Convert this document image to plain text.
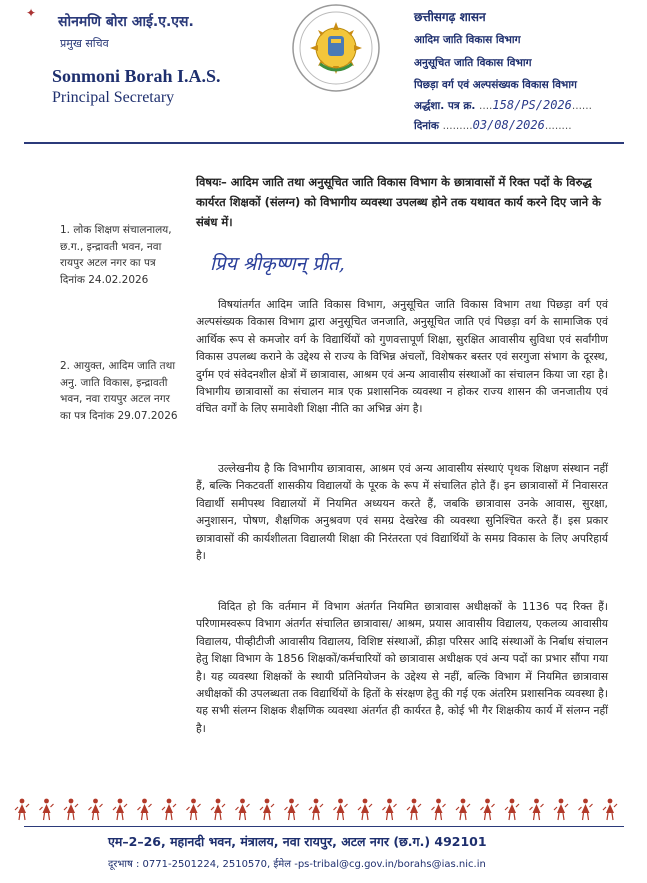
✦
सोनमणि बोरा आई.ए.एस.
प्रमुख सचिव
Sonmoni Borah I.A.S.
Principal Secretary
छत्तीसगढ़ शासन
आदिम जाति विकास विभाग
अनुसूचित जाति विकास विभाग
पिछड़ा वर्ग एवं अल्पसंख्यक विकास विभाग
अर्द्धशा. पत्र क्र. ....158/PS/2026......
दिनांक .........03/08/2026........
विषयः– आदिम जाति तथा अनुसूचित जाति विकास विभाग के छात्रावासों में रिक्त पदों के विरुद्ध कार्यरत शिक्षकों (संलग्न) को विभागीय व्यवस्था उपलब्ध होने तक यथावत कार्य करने दिए जाने के संबंध में।
1. लोक शिक्षण संचालनालय, छ.ग., इन्द्रावती भवन, नवा रायपुर अटल नगर का पत्र दिनांक 24.02.2026
2. आयुक्त, आदिम जाति तथा अनु. जाति विकास, इन्द्रावती भवन, नवा रायपुर अटल नगर का पत्र दिनांक 29.07.2026
प्रिय श्रीकृष्णन् प्रीत,
विषयांतर्गत आदिम जाति विकास विभाग, अनुसूचित जाति विकास विभाग तथा पिछड़ा वर्ग एवं अल्पसंख्यक विकास विभाग द्वारा अनुसूचित जनजाति, अनुसूचित जाति एवं पिछड़ा वर्ग के सामाजिक एवं आर्थिक रूप से कमजोर वर्ग के विद्यार्थियों को गुणवत्तापूर्ण शिक्षा, सुरक्षित आवासीय सुविधा एवं सर्वांगीण विकास उपलब्ध कराने के उद्देश्य से राज्य के विभिन्न अंचलों, विशेषकर बस्तर एवं सरगुजा संभाग के दूरस्थ, दुर्गम एवं संवेदनशील क्षेत्रों में छात्रावास, आश्रम एवं अन्य आवासीय संस्थाओं का संचालन किया जा रहा है। विभागीय छात्रावासों का संचालन मात्र एक प्रशासनिक व्यवस्था न होकर राज्य शासन की जनजातीय एवं वंचित वर्गों के लिए समावेशी शिक्षा नीति का अभिन्न अंग है।
उल्लेखनीय है कि विभागीय छात्रावास, आश्रम एवं अन्य आवासीय संस्थाएं पृथक शिक्षण संस्थान नहीं हैं, बल्कि निकटवर्ती शासकीय विद्यालयों के पूरक के रूप में संचालित होते हैं। इन छात्रावासों में निवासरत विद्यार्थी समीपस्थ विद्यालयों में नियमित अध्ययन करते हैं, जबकि छात्रावास उनके आवास, सुरक्षा, अनुशासन, पोषण, शैक्षणिक अनुश्रवण एवं समग्र देखरेख की व्यवस्था सुनिश्चित करते हैं। इस प्रकार छात्रावासों की कार्यशीलता विद्यालयी शिक्षा की निरंतरता एवं विद्यार्थियों के समग्र विकास के लिए अपरिहार्य है।
विदित हो कि वर्तमान में विभाग अंतर्गत नियमित छात्रावास अधीक्षकों के 1136 पद रिक्त हैं। परिणामस्वरूप विभाग अंतर्गत संचालित छात्रावास/ आश्रम, प्रयास आवासीय विद्यालय, एकलव्य आवासीय विद्यालय, पीव्हीटीजी आवासीय विद्यालय, विशिष्ट संस्थाओं, क्रीड़ा परिसर आदि संस्थाओं के निर्बाध संचालन हेतु शिक्षा विभाग के 1856 शिक्षकों/कर्मचारियों को छात्रावास अधीक्षक एवं अन्य पदों का प्रभार सौंपा गया है। यह व्यवस्था शिक्षकों के स्थायी प्रतिनियोजन के उद्देश्य से नहीं, बल्कि विभाग में नियमित छात्रावास अधीक्षकों की उपलब्धता तक विद्यार्थियों के हितों के संरक्षण हेतु की गई एक अंतरिम प्रशासनिक व्यवस्था है। यह सभी संलग्न शिक्षक शैक्षणिक व्यवस्था अंतर्गत ही कार्यरत है, कोई भी गैर शिक्षकीय कार्य में संलग्न नहीं है।
एम–2–26, महानदी भवन, मंत्रालय, नवा रायपुर, अटल नगर (छ.ग.) 492101
दूरभाष : 0771-2501224, 2510570, ईमेल -ps-tribal@cg.gov.in/borahs@ias.nic.in
